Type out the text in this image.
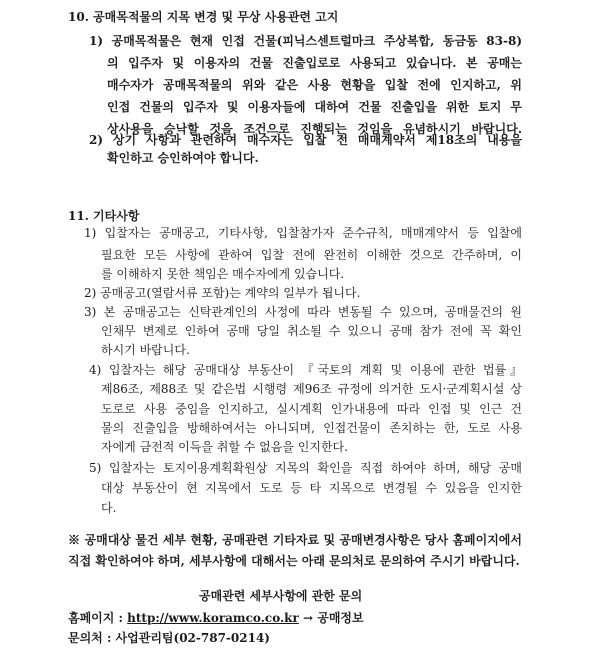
10. 공매목적물의 지목 변경 및 무상 사용관련 고지
1) 공매목적물은 현재 인접 건물(피닉스센트럴마크 주상복합, 동금동 83-8)
의 입주자 및 이용자의 건물 진출입로로 사용되고 있습니다. 본 공매는
매수자가 공매목적물의 위와 같은 사용 현황을 입찰 전에 인지하고, 위
인접 건물의 입주자 및 이용자들에 대하여 건물 진출입을 위한 토지 무
상사용을 승낙할 것을 조건으로 진행되는 것임을 유념하시기 바랍니다.
2) 상기 사항과 관련하여 매수자는 입찰 전 매매계약서 제18조의 내용을
확인하고 승인하여야 합니다.
11. 기타사항
1) 입찰자는 공매공고, 기타사항, 입찰참가자 준수규칙, 매매계약서 등 입찰에
필요한 모든 사항에 관하여 입찰 전에 완전히 이해한 것으로 간주하며, 이
를 이해하지 못한 책임은 매수자에게 있습니다.
2) 공매공고(열람서류 포함)는 계약의 일부가 됩니다.
3) 본 공매공고는 신탁관계인의 사정에 따라 변동될 수 있으며, 공매물건의 원
인채무 변제로 인하여 공매 당일 취소될 수 있으니 공매 참가 전에 꼭 확인
하시기 바랍니다.
4) 입찰자는 해당 공매대상 부동산이 『국토의 계획 및 이용에 관한 법률』
제86조, 제88조 및 같은법 시행령 제96조 규정에 의거한 도시·군계획시설 상
도로로 사용 중임을 인지하고, 실시계획 인가내용에 따라 인접 및 인근 건
물의 진출입을 방해하여서는 아니되며, 인접건물이 존치하는 한, 도로 사용
자에게 금전적 이득을 취할 수 없음을 인지한다.
5) 입찰자는 토지이용계획확원상 지목의 확인을 직접 하여야 하며, 해당 공매
대상 부동산이 현 지목에서 도로 등 타 지목으로 변경될 수 있음을 인지한
다.
※ 공매대상 물건 세부 현황, 공매관련 기타자료 및 공매변경사항은 당사 홈페이지에서
직접 확인하여야 하며, 세부사항에 대해서는 아래 문의처로 문의하여 주시기 바랍니다.
공매관련 세부사항에 관한 문의
홈페이지 : http://www.koramco.co.kr → 공매정보
문의처 : 사업관리팀(02-787-0214)
